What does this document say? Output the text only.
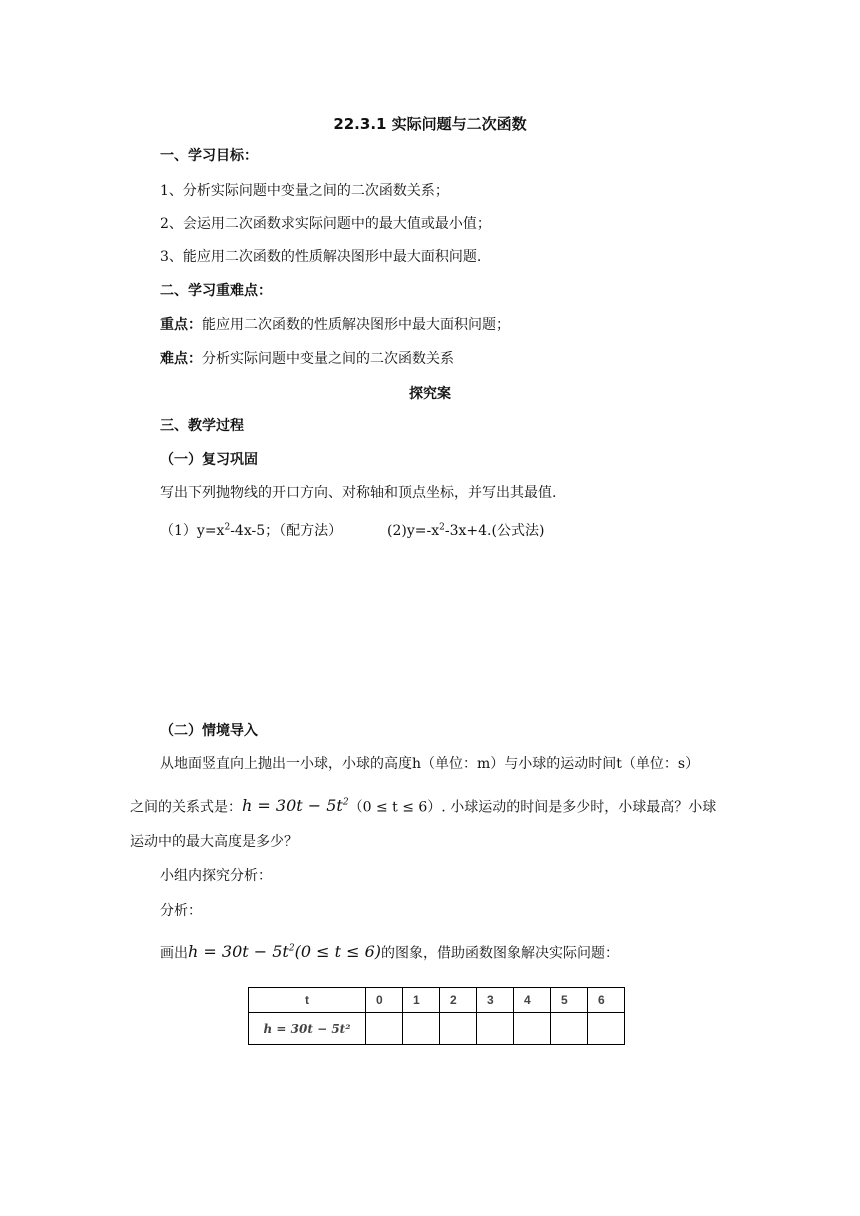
22.3.1 实际问题与二次函数
一、学习目标：
1、分析实际问题中变量之间的二次函数关系；
2、会运用二次函数求实际问题中的最大值或最小值；
3、能应用二次函数的性质解决图形中最大面积问题.
二、学习重难点：
重点：能应用二次函数的性质解决图形中最大面积问题；
难点：分析实际问题中变量之间的二次函数关系
探究案
三、教学过程
（一）复习巩固
写出下列抛物线的开口方向、对称轴和顶点坐标，并写出其最值.
$(1)y=x^2-4x-5$；（配方法）	$(2)y=-x^2-3x+4$.(公式法)
（二）情境导入
从地面竖直向上抛出一小球，小球的高度h（单位：m）与小球的运动时间t（单位：s）
之间的关系式是：$h = 30t - 5t^2(0 \le t \le 6)$. 小球运动的时间是多少时，小球最高？小球
运动中的最大高度是多少？
小组内探究分析：
分析：
画出$h = 30t - 5t^2(0 \le t \le 6)$的图象，借助函数图象解决实际问题：
t	0	1	2	3	4	5	6
h = 30t − 5t²							
